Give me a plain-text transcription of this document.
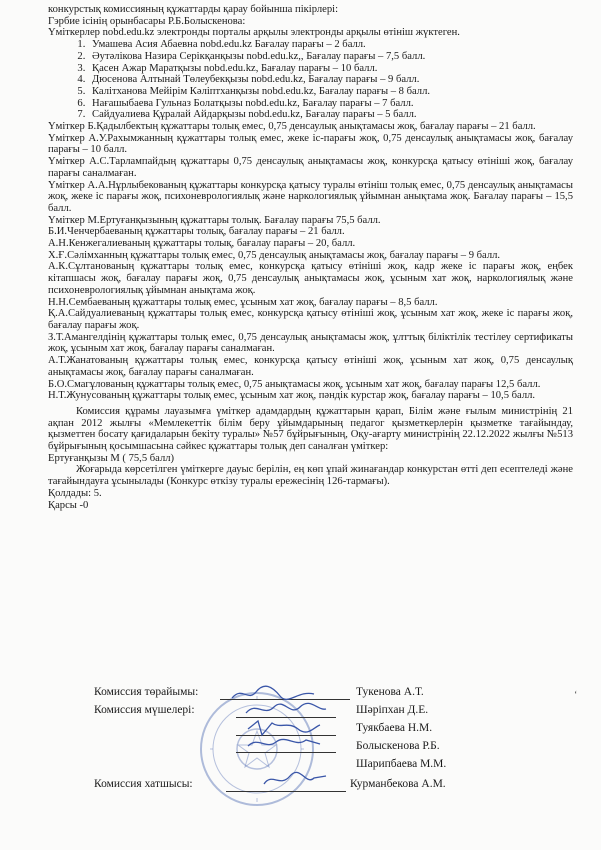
конкурстық комиссияның құжаттарды қарау бойынша пікірлері:

Гэрбие ісінің орынбасары Р.Б.Болыскенова:

Үміткерлер nobd.edu.kz электронды порталы арқылы электронды арқылы өтініш жүктеген.

1. Умашева Асия Абаевна nobd.edu.kz Бағалау парағы – 2 балл.
2. Әутәлікова Назира Серікқанқызы nobd.edu.kz,, Бағалау парағы – 7,5 балл.
3. Қасен Ажар Маратқызы nobd.edu.kz, Бағалау парағы – 10 балл.
4. Дюсенова Алтынай Төлеубекқызы nobd.edu.kz, Бағалау парағы – 9 балл.
5. Калітханова Мейірім Кәліптханқызы nobd.edu.kz, Бағалау парағы – 8 балл.
6. Нағашыбаева Гульназ Болатқызы nobd.edu.kz, Бағалау парағы – 7 балл.
7. Сайдуалиева Құралай Айдарқызы nobd.edu.kz, Бағалау парағы – 5 балл.

Үміткер Б.Қадылбектың құжаттары толық емес, 0,75 денсаулық анықтамасы жоқ, бағалау парағы – 21 балл.

Үміткер А.У.Рахымжанның құжаттары толық емес, жеке іс-парағы жоқ, 0,75 денсаулық анықтамасы жоқ, бағалау парағы – 10 балл.

Үміткер А.С.Тарлампайдың құжаттары 0,75 денсаулық анықтамасы жоқ, конкурсқа қатысу өтініші жоқ, бағалау парағы саналмаған.

Үміткер А.А.Нұрлыбекованың құжаттары конкурсқа қатысу туралы өтініш толық емес, 0,75 денсаулық анықтамасы жоқ, жеке іс парағы жоқ, психоневрологиялық және наркологиялық ұйымнан анықтама жоқ. Бағалау парағы – 15,5 балл.

Үміткер М.Ертуғанқызының құжаттары толық. Бағалау парағы 75,5 балл.

Б.И.Ченчербаеваның құжаттары толық, бағалау парағы – 21 балл.

А.Н.Кенжегалиеваның құжаттары толық, бағалау парағы – 20, балл.

Х.Ғ.Сәлімханның құжаттары толық емес, 0,75 денсаулық анықтамасы жоқ, бағалау парағы – 9 балл.

А.К.Сұлтанованың құжаттары толық емес, конкурсқа қатысу өтініші жоқ, кадр жеке іс парағы жоқ, еңбек кітапшасы жоқ, бағалау парағы жоқ, 0,75 денсаулық анықтамасы жоқ, ұсыным хат жоқ, наркологиялық және психоневрологиялық ұйымнан анықтама жоқ.

Н.Н.Сембаеваның құжаттары толық емес, ұсыным хат жоқ, бағалау парағы – 8,5 балл.

Қ.А.Сайдуалиеваның құжаттары толық емес, конкурсқа қатысу өтініші жоқ, ұсыным хат жоқ, жеке іс парағы жоқ, бағалау парағы жоқ.

З.Т.Амангелдінің құжаттары толық емес, 0,75 денсаулық анықтамасы жоқ, ұлттық біліктілік тестілеу сертификаты жоқ, ұсыным хат жоқ, бағалау парағы саналмаған.

А.Т.Жанатованың құжаттары толық емес, конкурсқа қатысу өтініші жоқ, ұсыным хат жоқ, 0,75 денсаулық анықтамасы жоқ, бағалау парағы саналмаған.

Б.О.Смагұлованың құжаттары толық емес, 0,75 анықтамасы жоқ, ұсыным хат жоқ, бағалау парағы 12,5 балл.

Н.Т.Жунусованың құжаттары толық емес, ұсыным хат жоқ, пәндік курстар жоқ, бағалау парағы – 10,5 балл.

Комиссия құрамы лауазымға үміткер адамдардың құжаттарын қарап, Білім және ғылым министрінің 21 ақпан 2012 жылғы «Мемлекеттік білім беру ұйымдарының педагог қызметкерлерін қызметке тағайындау, қызметтен босату қағидаларын бекіту туралы» №57 бұйрығының, Оқу-ағарту министрінің 22.12.2022 жылғы №513 бұйрығының қосымшасына сәйкес құжаттары толық деп саналған үміткер:

Ертуғанқызы М ( 75,5 балл)

Жоғарыда көрсетілген үміткерге дауыс берілін, ең көп ұпай жинағандар конкурстан өтті деп есептеледі және тағайындауға ұсынылады (Конкурс өткізу туралы ережесінің 126-тармағы).

Қолдады: 5.

Қарсы -0

Комиссия төрайымы:	Тукенова А.Т.
Комиссия мүшелері:	Шәріпхан Д.Е.
Туякбаева Н.М.
Болыскенова Р.Б.
Шарипбаева М.М.
Комиссия хатшысы:	Курманбекова А.М.
ʻ
